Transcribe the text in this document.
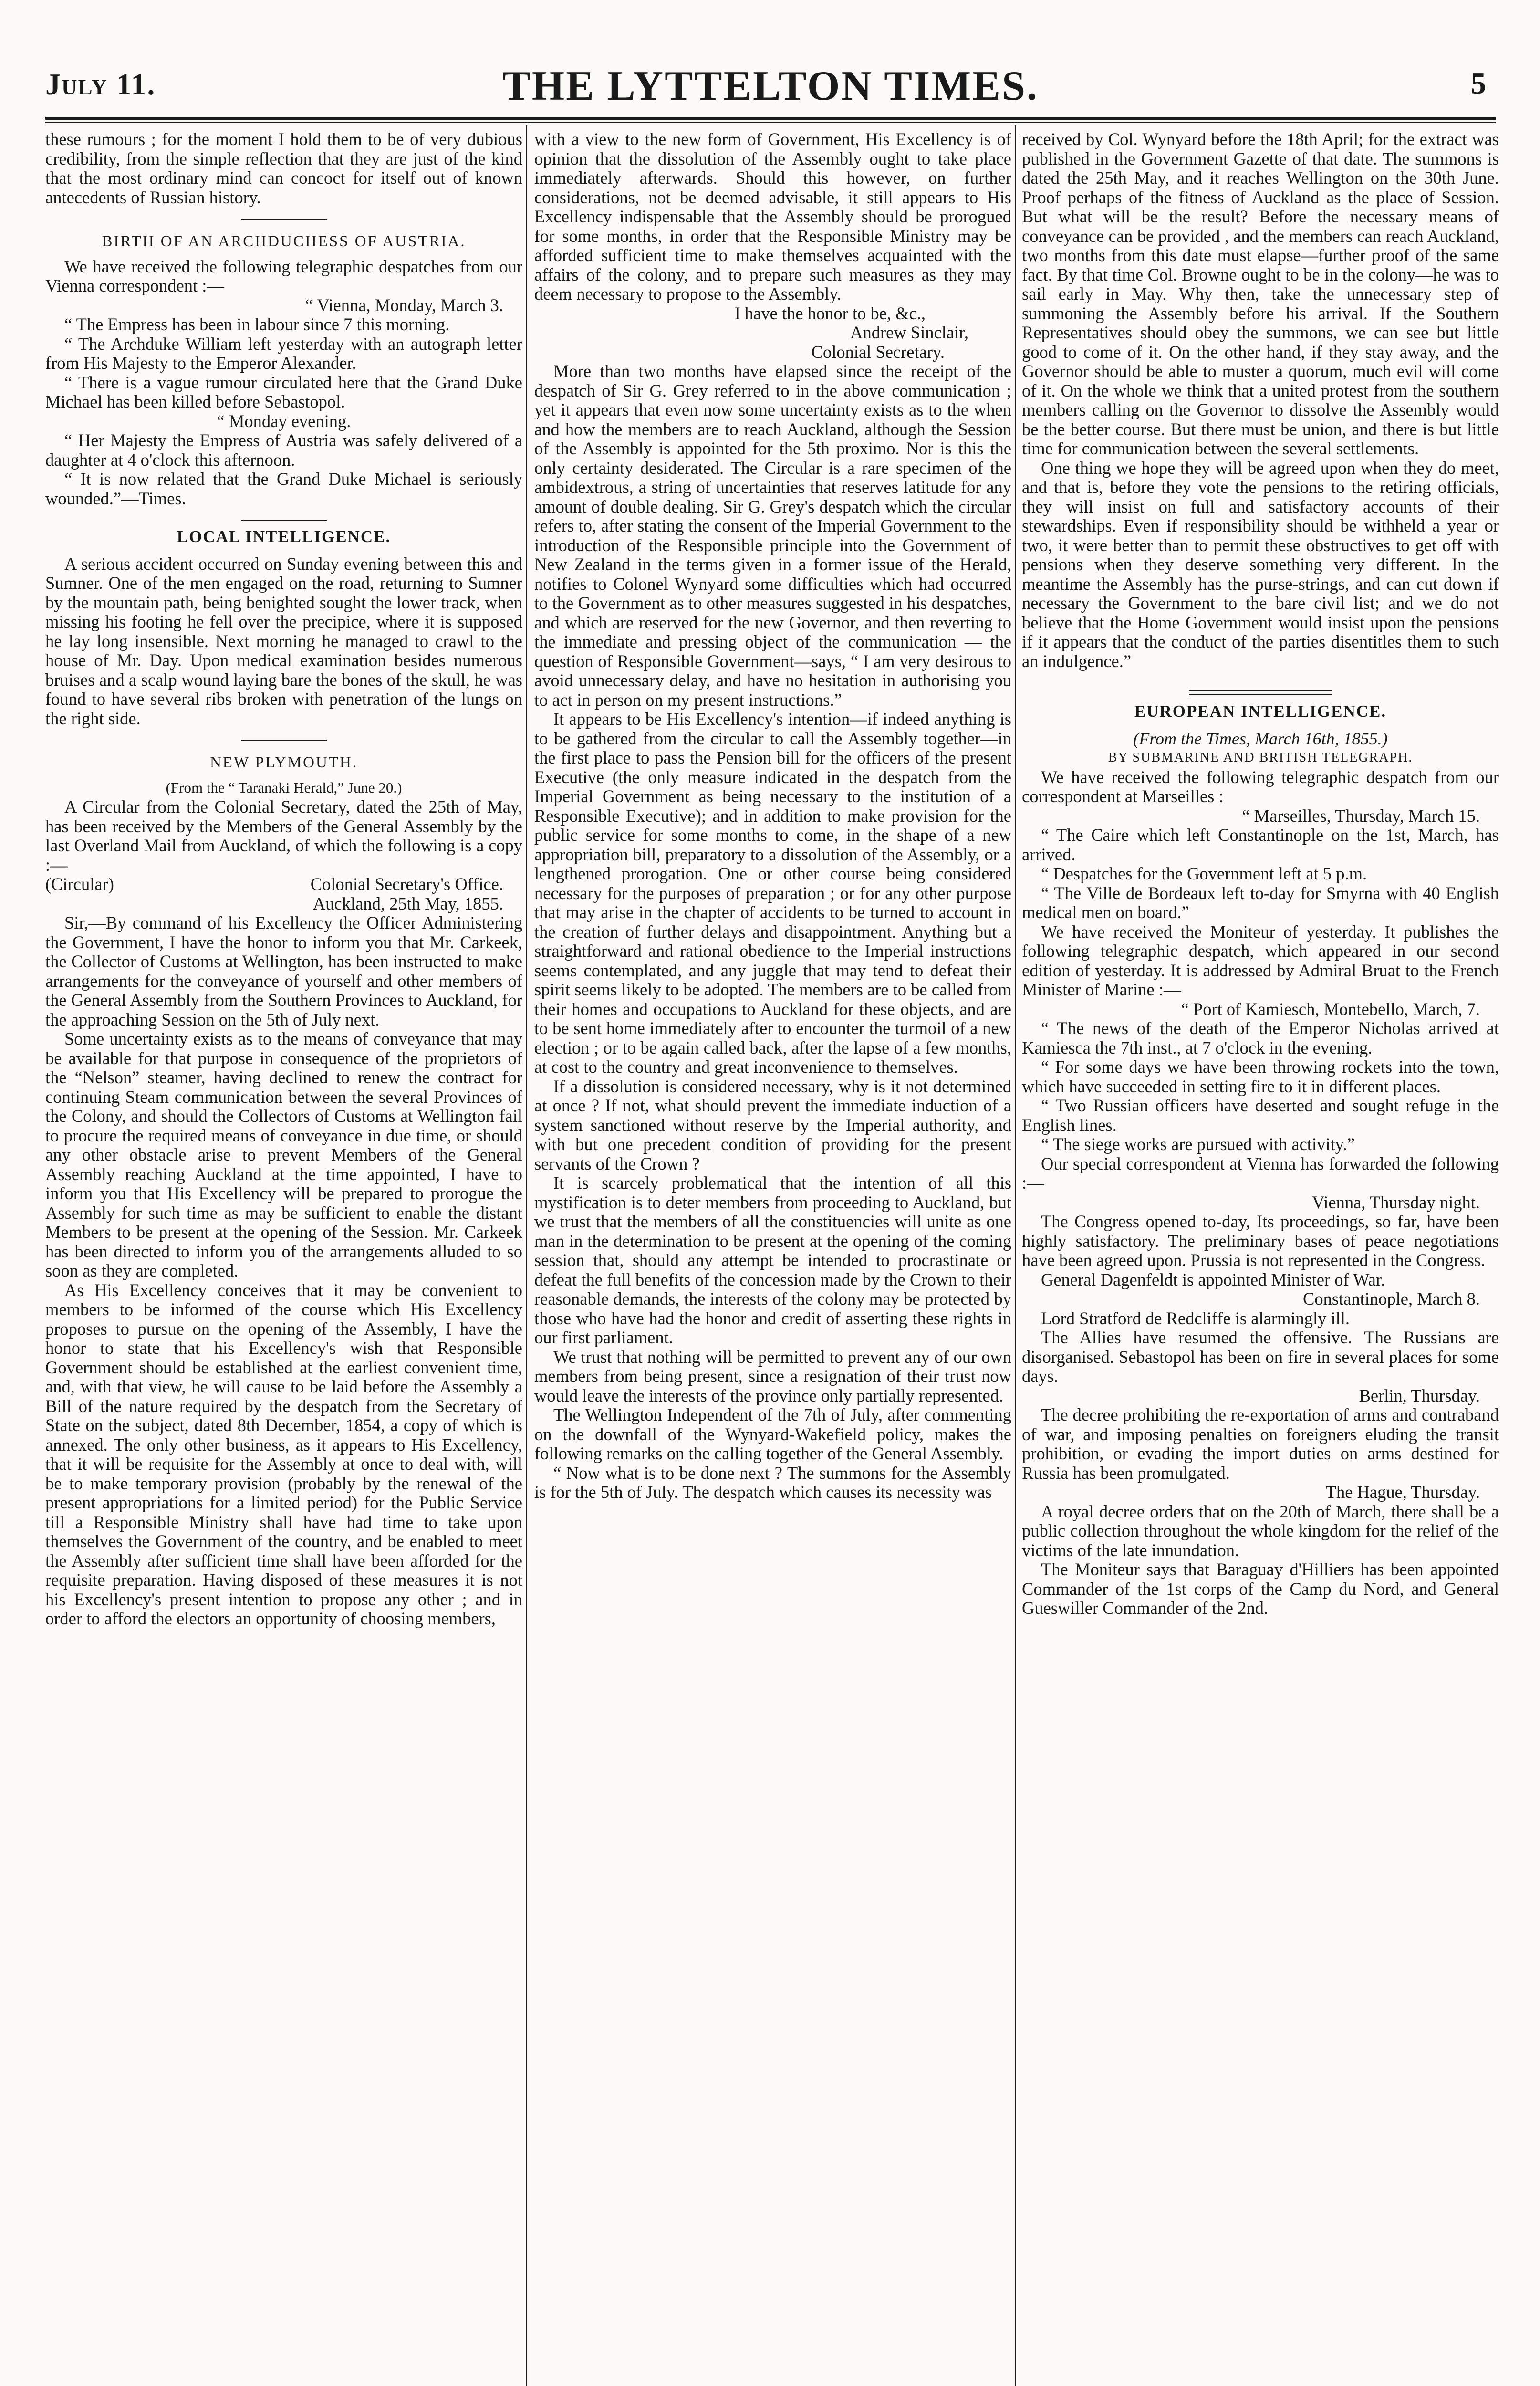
July 11.	THE LYTTELTON TIMES.	5

these rumours ; for the moment I hold them to be of very dubious credibility, from the simple reflection that they are just of the kind that the most ordinary mind can concoct for itself out of known antecedents of Russian history.

BIRTH OF AN ARCHDUCHESS OF AUSTRIA.

We have received the following telegraphic despatches from our Vienna correspondent :—

“ Vienna, Monday, March 3.

“ The Empress has been in labour since 7 this morning.

“ The Archduke William left yesterday with an autograph letter from His Majesty to the Emperor Alexander.

“ There is a vague rumour circulated here that the Grand Duke Michael has been killed before Sebastopol.

“ Monday evening.

“ Her Majesty the Empress of Austria was safely delivered of a daughter at 4 o'clock this afternoon.

“ It is now related that the Grand Duke Michael is seriously wounded.”—Times.

LOCAL INTELLIGENCE.

A serious accident occurred on Sunday evening between this and Sumner. One of the men engaged on the road, returning to Sumner by the mountain path, being benighted sought the lower track, when missing his footing he fell over the precipice, where it is supposed he lay long insensible. Next morning he managed to crawl to the house of Mr. Day. Upon medical examination besides numerous bruises and a scalp wound laying bare the bones of the skull, he was found to have several ribs broken with penetration of the lungs on the right side.

NEW PLYMOUTH.

(From the “ Taranaki Herald,” June 20.)

A Circular from the Colonial Secretary, dated the 25th of May, has been received by the Members of the General Assembly by the last Overland Mail from Auckland, of which the following is a copy :—

(Circular)	Colonial Secretary's Office.

Auckland, 25th May, 1855.

Sir,—By command of his Excellency the Officer Administering the Government, I have the honor to inform you that Mr. Carkeek, the Collector of Customs at Wellington, has been instructed to make arrangements for the conveyance of yourself and other members of the General Assembly from the Southern Provinces to Auckland, for the approaching Session on the 5th of July next.

Some uncertainty exists as to the means of conveyance that may be available for that purpose in consequence of the proprietors of the “Nelson” steamer, having declined to renew the contract for continuing Steam communication between the several Provinces of the Colony, and should the Collectors of Customs at Wellington fail to procure the required means of conveyance in due time, or should any other obstacle arise to prevent Members of the General Assembly reaching Auckland at the time appointed, I have to inform you that His Excellency will be prepared to prorogue the Assembly for such time as may be sufficient to enable the distant Members to be present at the opening of the Session. Mr. Carkeek has been directed to inform you of the arrangements alluded to so soon as they are completed.

As His Excellency conceives that it may be convenient to members to be informed of the course which His Excellency proposes to pursue on the opening of the Assembly, I have the honor to state that his Excellency's wish that Responsible Government should be established at the earliest convenient time, and, with that view, he will cause to be laid before the Assembly a Bill of the nature required by the despatch from the Secretary of State on the subject, dated 8th December, 1854, a copy of which is annexed. The only other business, as it appears to His Excellency, that it will be requisite for the Assembly at once to deal with, will be to make temporary provision (probably by the renewal of the present appropriations for a limited period) for the Public Service till a Responsible Ministry shall have had time to take upon themselves the Government of the country, and be enabled to meet the Assembly after sufficient time shall have been afforded for the requisite preparation. Having disposed of these measures it is not his Excellency's present intention to propose any other ; and in order to afford the electors an opportunity of choosing members,

with a view to the new form of Government, His Excellency is of opinion that the dissolution of the Assembly ought to take place immediately afterwards. Should this however, on further considerations, not be deemed advisable, it still appears to His Excellency indispensable that the Assembly should be prorogued for some months, in order that the Responsible Ministry may be afforded sufficient time to make themselves acquainted with the affairs of the colony, and to prepare such measures as they may deem necessary to propose to the Assembly.

I have the honor to be, &c.,

Andrew Sinclair,

Colonial Secretary.

More than two months have elapsed since the receipt of the despatch of Sir G. Grey referred to in the above communication ; yet it appears that even now some uncertainty exists as to the when and how the members are to reach Auckland, although the Session of the Assembly is appointed for the 5th proximo. Nor is this the only certainty desiderated. The Circular is a rare specimen of the ambidextrous, a string of uncertainties that reserves latitude for any amount of double dealing. Sir G. Grey's despatch which the circular refers to, after stating the consent of the Imperial Government to the introduction of the Responsible principle into the Government of New Zealand in the terms given in a former issue of the Herald, notifies to Colonel Wynyard some difficulties which had occurred to the Government as to other measures suggested in his despatches, and which are reserved for the new Governor, and then reverting to the immediate and pressing object of the communication — the question of Responsible Government—says, “ I am very desirous to avoid unnecessary delay, and have no hesitation in authorising you to act in person on my present instructions.”

It appears to be His Excellency's intention—if indeed anything is to be gathered from the circular to call the Assembly together—in the first place to pass the Pension bill for the officers of the present Executive (the only measure indicated in the despatch from the Imperial Government as being necessary to the institution of a Responsible Executive); and in addition to make provision for the public service for some months to come, in the shape of a new appropriation bill, preparatory to a dissolution of the Assembly, or a lengthened prorogation. One or other course being considered necessary for the purposes of preparation ; or for any other purpose that may arise in the chapter of accidents to be turned to account in the creation of further delays and disappointment. Anything but a straightforward and rational obedience to the Imperial instructions seems contemplated, and any juggle that may tend to defeat their spirit seems likely to be adopted. The members are to be called from their homes and occupations to Auckland for these objects, and are to be sent home immediately after to encounter the turmoil of a new election ; or to be again called back, after the lapse of a few months, at cost to the country and great inconvenience to themselves.

If a dissolution is considered necessary, why is it not determined at once ? If not, what should prevent the immediate induction of a system sanctioned without reserve by the Imperial authority, and with but one precedent condition of providing for the present servants of the Crown ?

It is scarcely problematical that the intention of all this mystification is to deter members from proceeding to Auckland, but we trust that the members of all the constituencies will unite as one man in the determination to be present at the opening of the coming session that, should any attempt be intended to procrastinate or defeat the full benefits of the concession made by the Crown to their reasonable demands, the interests of the colony may be protected by those who have had the honor and credit of asserting these rights in our first parliament.

We trust that nothing will be permitted to prevent any of our own members from being present, since a resignation of their trust now would leave the interests of the province only partially represented.

The Wellington Independent of the 7th of July, after commenting on the downfall of the Wynyard-Wakefield policy, makes the following remarks on the calling together of the General Assembly.

“ Now what is to be done next ? The summons for the Assembly is for the 5th of July. The despatch which causes its necessity was

received by Col. Wynyard before the 18th April; for the extract was published in the Government Gazette of that date. The summons is dated the 25th May, and it reaches Wellington on the 30th June. Proof perhaps of the fitness of Auckland as the place of Session. But what will be the result? Before the necessary means of conveyance can be provided , and the members can reach Auckland, two months from this date must elapse—further proof of the same fact. By that time Col. Browne ought to be in the colony—he was to sail early in May. Why then, take the unnecessary step of summoning the Assembly before his arrival. If the Southern Representatives should obey the summons, we can see but little good to come of it. On the other hand, if they stay away, and the Governor should be able to muster a quorum, much evil will come of it. On the whole we think that a united protest from the southern members calling on the Governor to dissolve the Assembly would be the better course. But there must be union, and there is but little time for communication between the several settlements.

One thing we hope they will be agreed upon when they do meet, and that is, before they vote the pensions to the retiring officials, they will insist on full and satisfactory accounts of their stewardships. Even if responsibility should be withheld a year or two, it were better than to permit these obstructives to get off with pensions when they deserve something very different. In the meantime the Assembly has the purse-strings, and can cut down if necessary the Government to the bare civil list; and we do not believe that the Home Government would insist upon the pensions if it appears that the conduct of the parties disentitles them to such an indulgence.”

EUROPEAN INTELLIGENCE.

(From the Times, March 16th, 1855.)

BY SUBMARINE AND BRITISH TELEGRAPH.

We have received the following telegraphic despatch from our correspondent at Marseilles :

“ Marseilles, Thursday, March 15.

“ The Caire which left Constantinople on the 1st, March, has arrived.

“ Despatches for the Government left at 5 p.m.

“ The Ville de Bordeaux left to-day for Smyrna with 40 English medical men on board.”

We have received the Moniteur of yesterday. It publishes the following telegraphic despatch, which appeared in our second edition of yesterday. It is addressed by Admiral Bruat to the French Minister of Marine :—

“ Port of Kamiesch, Montebello, March, 7.

“ The news of the death of the Emperor Nicholas arrived at Kamiesca the 7th inst., at 7 o'clock in the evening.

“ For some days we have been throwing rockets into the town, which have succeeded in setting fire to it in different places.

“ Two Russian officers have deserted and sought refuge in the English lines.

“ The siege works are pursued with activity.”

Our special correspondent at Vienna has forwarded the following :—

Vienna, Thursday night.

The Congress opened to-day, Its proceedings, so far, have been highly satisfactory. The preliminary bases of peace negotiations have been agreed upon. Prussia is not represented in the Congress.

General Dagenfeldt is appointed Minister of War.

Constantinople, March 8.

Lord Stratford de Redcliffe is alarmingly ill.

The Allies have resumed the offensive. The Russians are disorganised. Sebastopol has been on fire in several places for some days.

Berlin, Thursday.

The decree prohibiting the re-exportation of arms and contraband of war, and imposing penalties on foreigners eluding the transit prohibition, or evading the import duties on arms destined for Russia has been promulgated.

The Hague, Thursday.

A royal decree orders that on the 20th of March, there shall be a public collection throughout the whole kingdom for the relief of the victims of the late innundation.

The Moniteur says that Baraguay d'Hilliers has been appointed Commander of the 1st corps of the Camp du Nord, and General Gueswiller Commander of the 2nd.
